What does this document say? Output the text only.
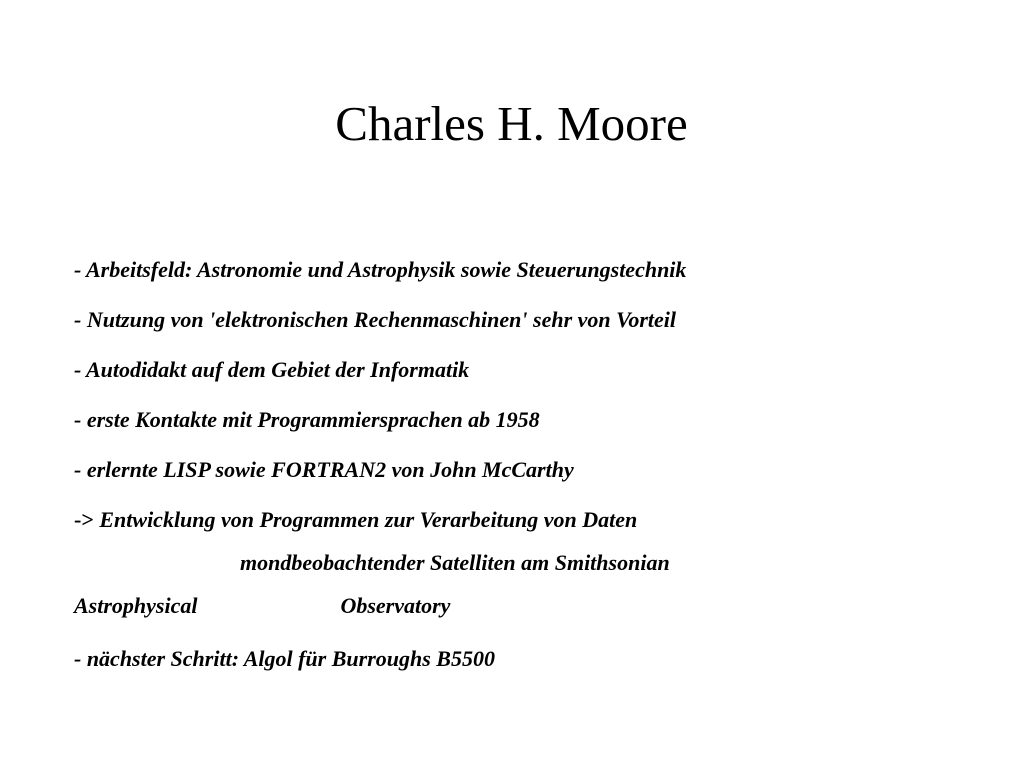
Charles H. Moore
- Arbeitsfeld: Astronomie und Astrophysik sowie Steuerungstechnik
- Nutzung von 'elektronischen Rechenmaschinen' sehr von Vorteil
- Autodidakt auf dem Gebiet der Informatik
- erste Kontakte mit Programmiersprachen ab 1958
- erlernte LISP sowie FORTRAN2 von John McCarthy
-> Entwicklung von Programmen zur Verarbeitung von Daten
mondbeobachtender Satelliten am Smithsonian
Astrophysical	Observatory
- nächster Schritt: Algol für Burroughs B5500
